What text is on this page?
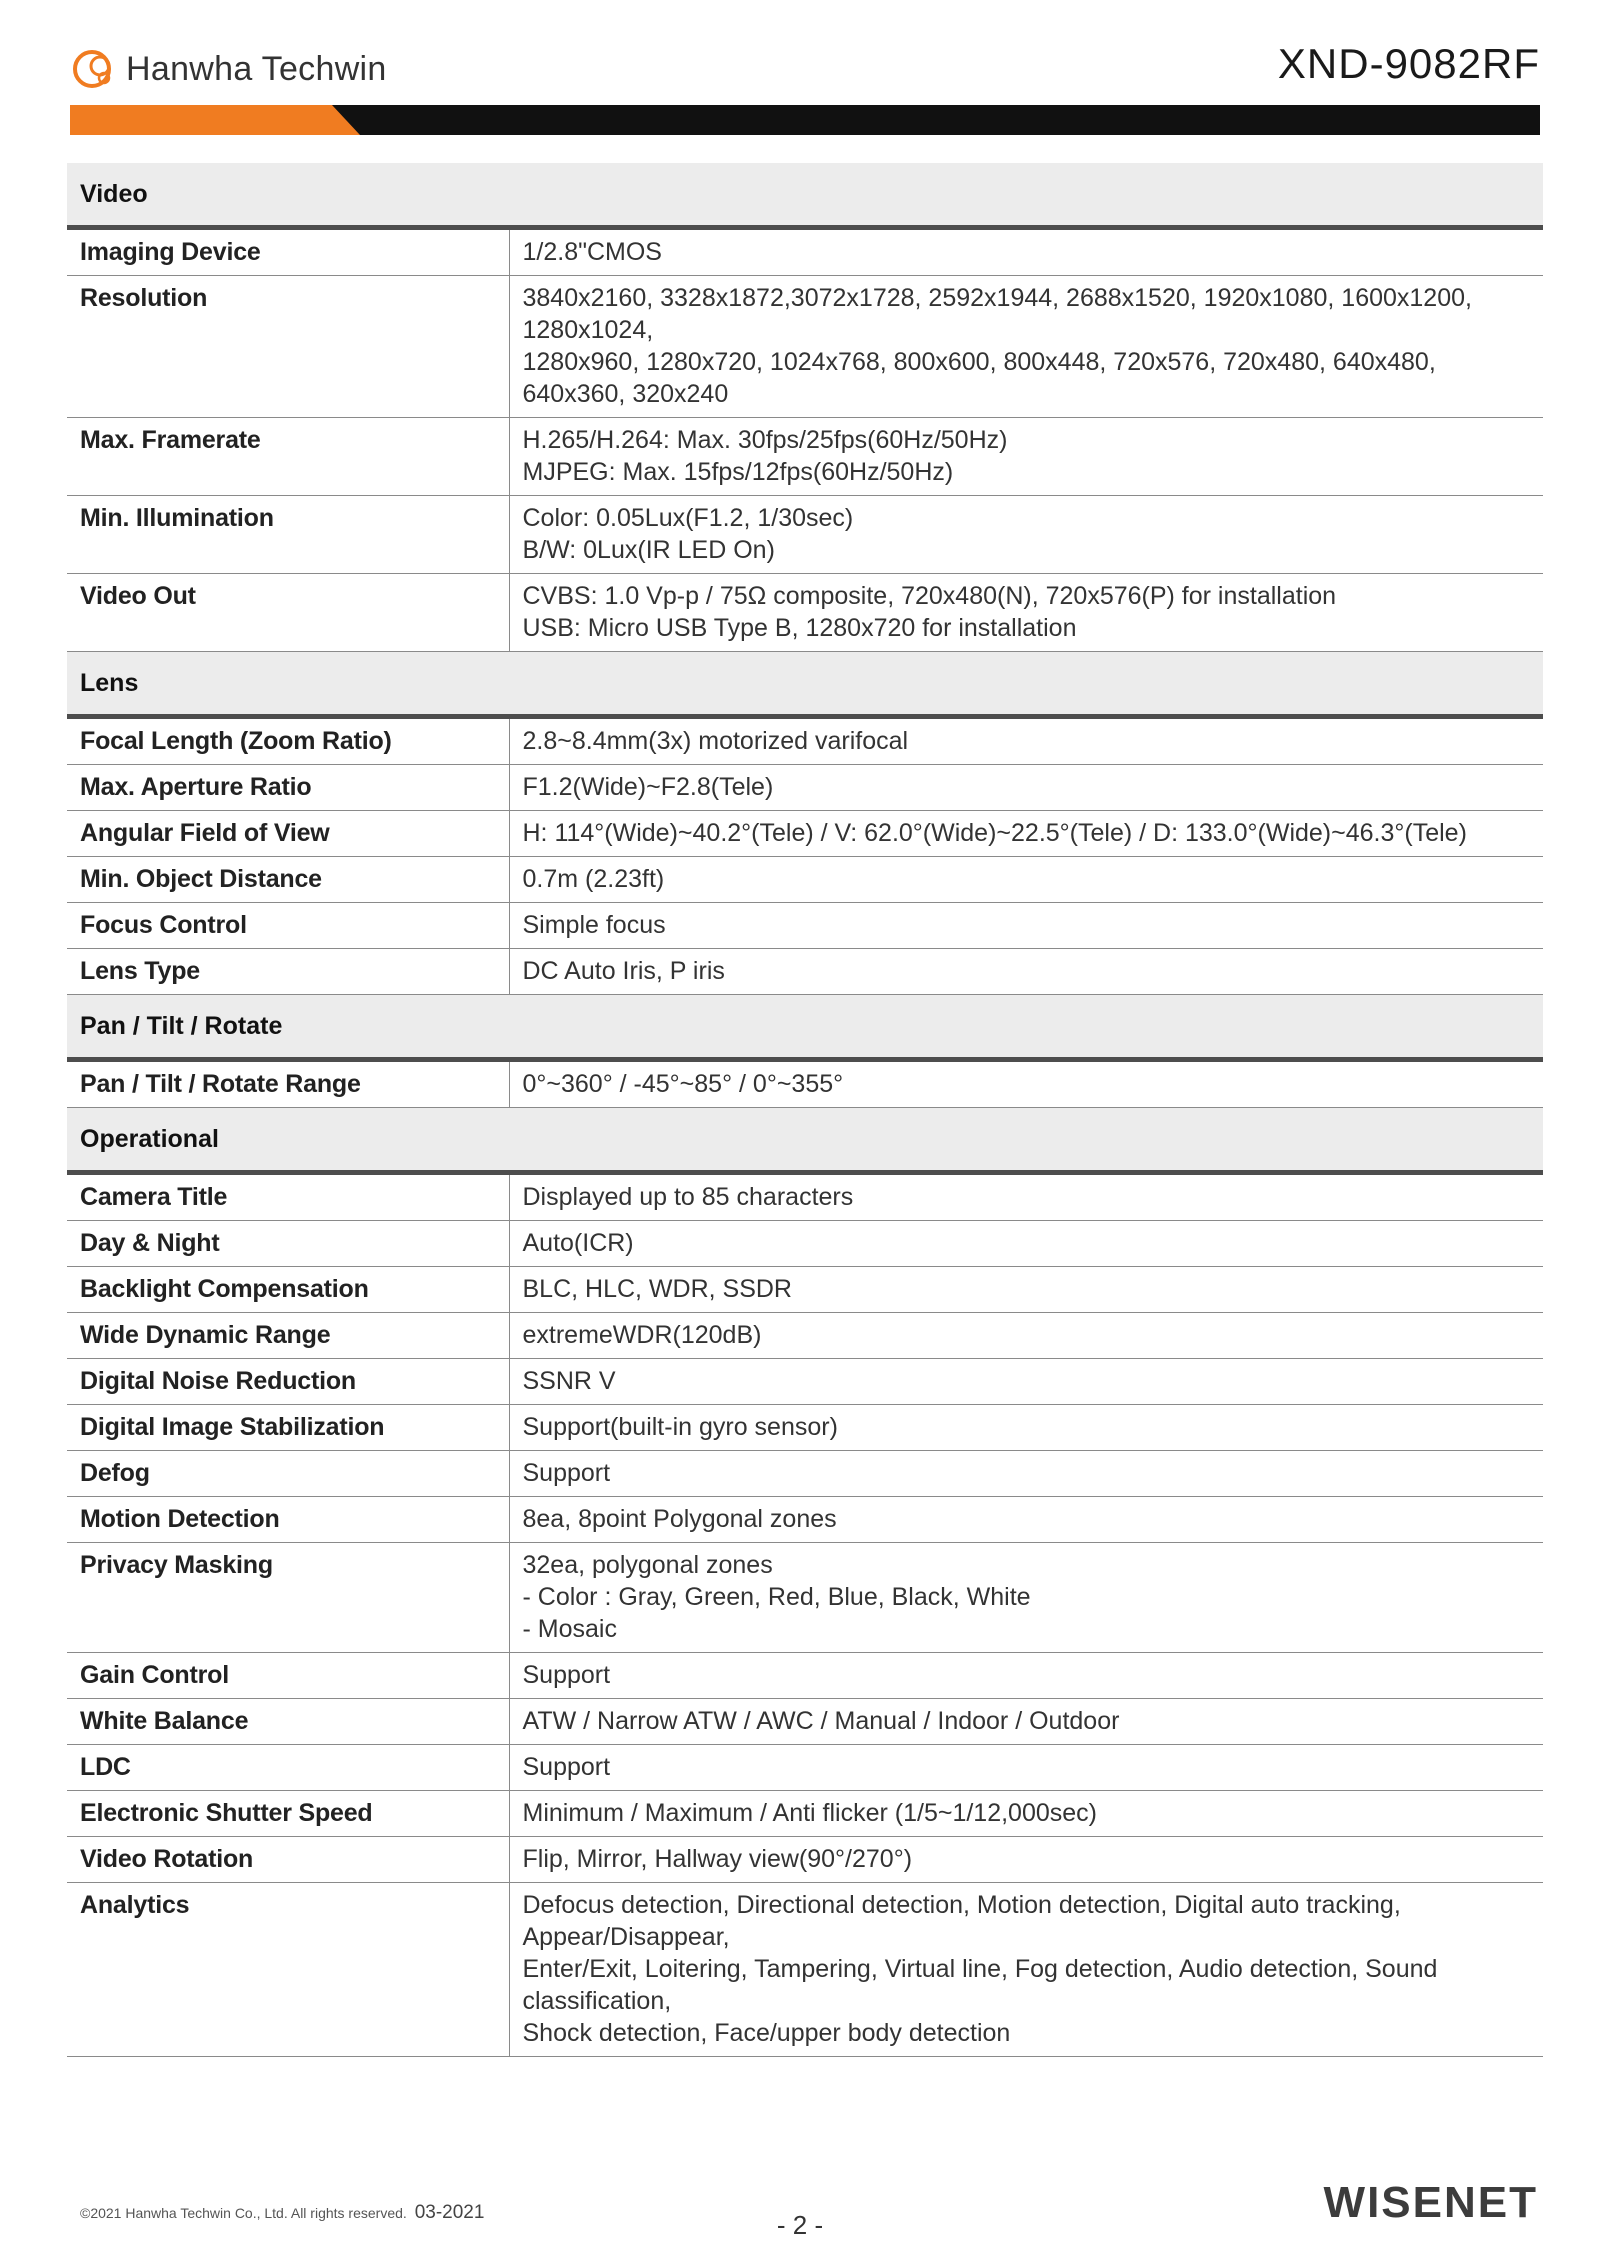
Hanwha Techwin	XND-9082RF
Video	
Imaging Device	1/2.8"CMOS

Resolution	3840x2160, 3328x1872,3072x1728, 2592x1944, 2688x1520, 1920x1080, 1600x1200, 1280x1024,
1280x960, 1280x720, 1024x768, 800x600, 800x448, 720x576, 720x480, 640x480, 640x360, 320x240

Max. Framerate	H.265/H.264: Max. 30fps/25fps(60Hz/50Hz)
MJPEG: Max. 15fps/12fps(60Hz/50Hz)

Min. Illumination	Color: 0.05Lux(F1.2, 1/30sec)
B/W: 0Lux(IR LED On)

Video Out	CVBS: 1.0 Vp-p / 75Ω composite, 720x480(N), 720x576(P) for installation
USB: Micro USB Type B, 1280x720 for installation

Lens	
Focal Length (Zoom Ratio)	2.8~8.4mm(3x) motorized varifocal

Max. Aperture Ratio	F1.2(Wide)~F2.8(Tele)

Angular Field of View	H: 114°(Wide)~40.2°(Tele) / V: 62.0°(Wide)~22.5°(Tele) / D: 133.0°(Wide)~46.3°(Tele)

Min. Object Distance	0.7m (2.23ft)

Focus Control	Simple focus

Lens Type	DC Auto Iris, P iris

Pan / Tilt / Rotate	
Pan / Tilt / Rotate Range	0°~360° / -45°~85° / 0°~355°

Operational	
Camera Title	Displayed up to 85 characters

Day & Night	Auto(ICR)

Backlight Compensation	BLC, HLC, WDR, SSDR

Wide Dynamic Range	extremeWDR(120dB)

Digital Noise Reduction	SSNR V

Digital Image Stabilization	Support(built-in gyro sensor)

Defog	Support

Motion Detection	8ea, 8point Polygonal zones

Privacy Masking	32ea, polygonal zones
- Color : Gray, Green, Red, Blue, Black, White
- Mosaic

Gain Control	Support

White Balance	ATW / Narrow ATW / AWC / Manual / Indoor / Outdoor

LDC	Support

Electronic Shutter Speed	Minimum / Maximum / Anti flicker (1/5~1/12,000sec)

Video Rotation	Flip, Mirror, Hallway view(90°/270°)

Analytics	Defocus detection, Directional detection, Motion detection, Digital auto tracking, Appear/Disappear,
Enter/Exit, Loitering, Tampering, Virtual line, Fog detection, Audio detection, Sound classification,
Shock detection, Face/upper body detection
©2021 Hanwha Techwin Co., Ltd. All rights reserved. 03-2021	- 2 -	WISENET
